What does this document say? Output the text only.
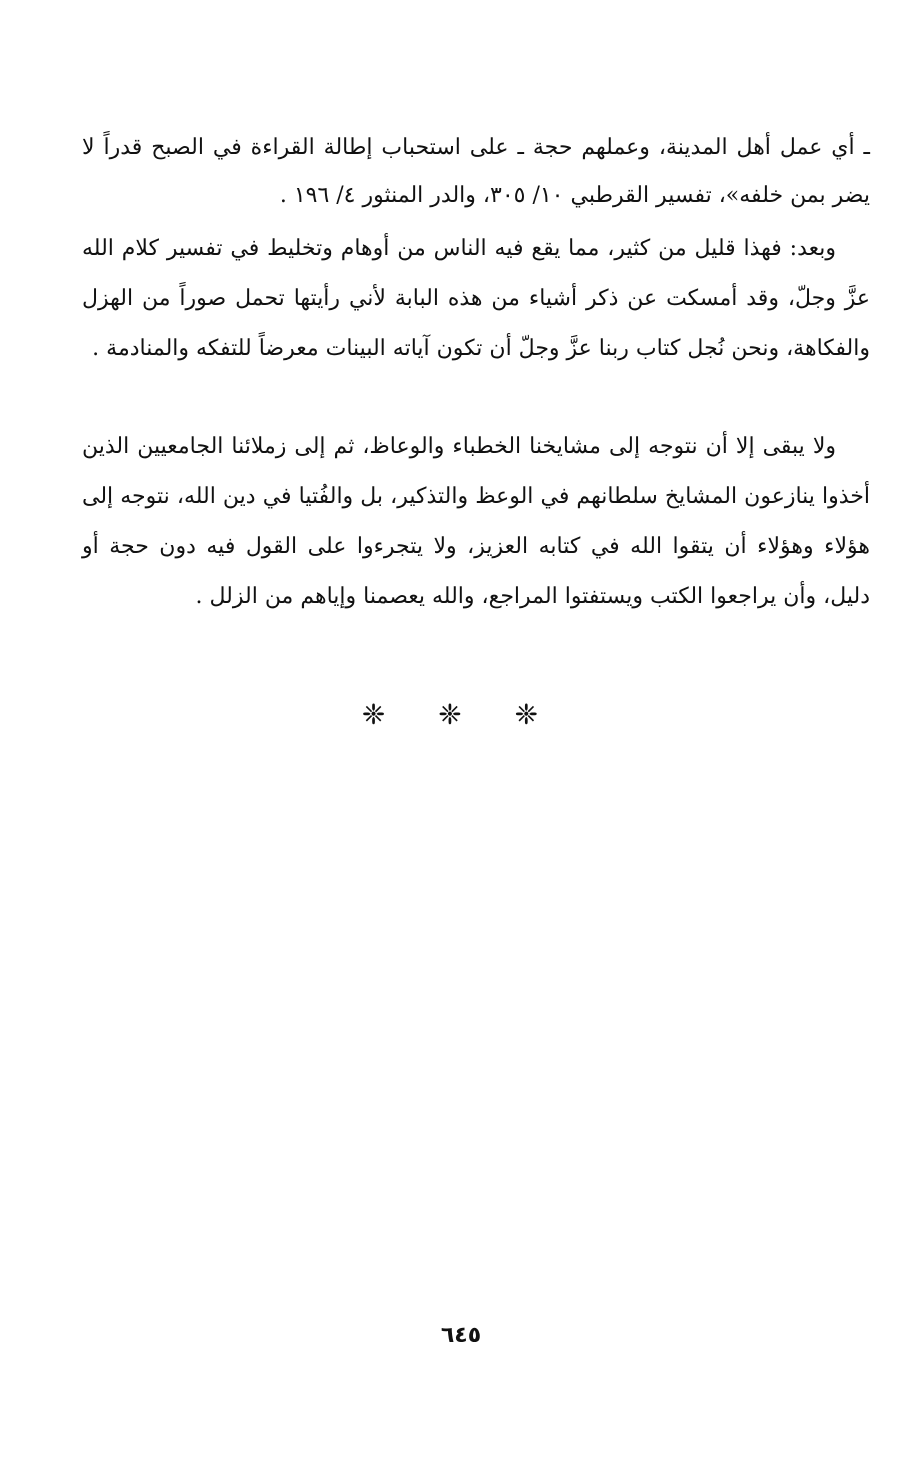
ـ أي عمل أهل المدينة، وعملهم حجة ـ على استحباب إطالة القراءة في الصبح قدراً لا يضر بمن خلفه»، تفسير القرطبي ١٠/ ٣٠٥، والدر المنثور ٤/ ١٩٦ .

وبعد: فهذا قليل من كثير، مما يقع فيه الناس من أوهام وتخليط في تفسير كلام الله عزَّ وجلّ، وقد أمسكت عن ذكر أشياء من هذه البابة لأني رأيتها تحمل صوراً من الهزل والفكاهة، ونحن نُجل كتاب ربنا عزَّ وجلّ أن تكون آياته البينات معرضاً للتفكه والمنادمة .

ولا يبقى إلا أن نتوجه إلى مشايخنا الخطباء والوعاظ، ثم إلى زملائنا الجامعيين الذين أخذوا ينازعون المشايخ سلطانهم في الوعظ والتذكير، بل والفُتيا في دين الله، نتوجه إلى هؤلاء وهؤلاء أن يتقوا الله في كتابه العزيز، ولا يتجرءوا على القول فيه دون حجة أو دليل، وأن يراجعوا الكتب ويستفتوا المراجع، والله يعصمنا وإياهم من الزلل .

❈ ❈ ❈
٦٤٥
